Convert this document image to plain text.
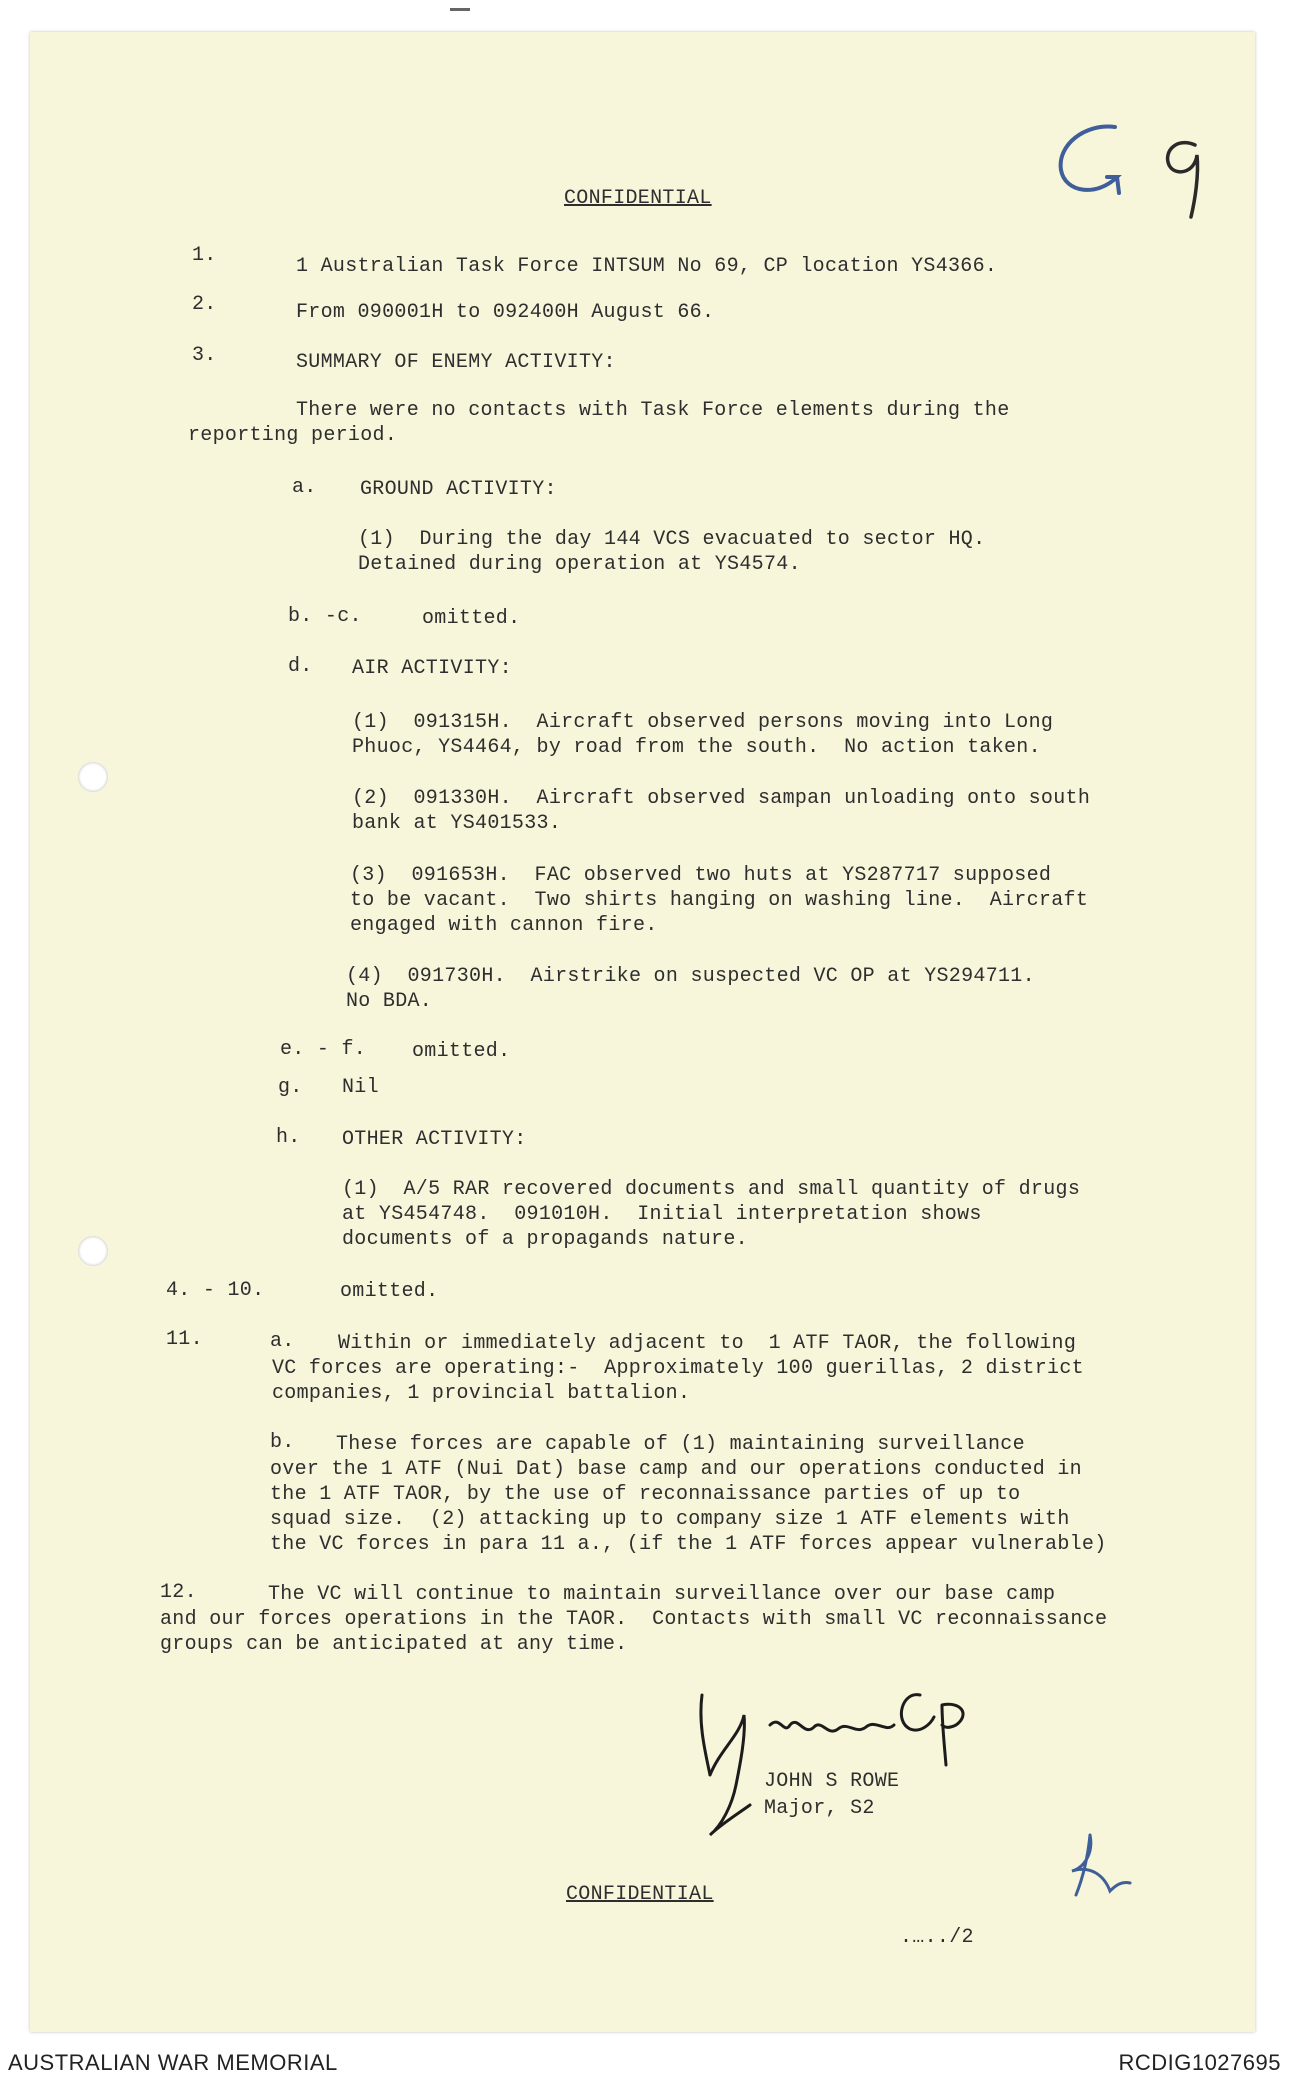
CONFIDENTIAL
1.	1 Australian Task Force INTSUM No 69, CP location YS4366.
2.	From 090001H to 092400H August 66.
3.	SUMMARY OF ENEMY ACTIVITY:
There were no contacts with Task Force elements during the
reporting period.
a. GROUND ACTIVITY:
(1)  During the day 144 VCS evacuated to sector HQ.
Detained during operation at YS4574.
b. -c.	omitted.
d. AIR ACTIVITY:
(1)  091315H.  Aircraft observed persons moving into Long
Phuoc, YS4464, by road from the south.  No action taken.
(2)  091330H.  Aircraft observed sampan unloading onto south
bank at YS401533.
(3)  091653H.  FAC observed two huts at YS287717 supposed
to be vacant.  Two shirts hanging on washing line.  Aircraft
engaged with cannon fire.
(4)  091730H.  Airstrike on suspected VC OP at YS294711.
No BDA.
e. - f. omitted.
g. Nil
h. OTHER ACTIVITY:
(1)  A/5 RAR recovered documents and small quantity of drugs
at YS454748.  091010H.  Initial interpretation shows
documents of a propagands nature.
4. - 10.	omitted.
11.	a. Within or immediately adjacent to  1 ATF TAOR, the following
VC forces are operating:-  Approximately 100 guerillas, 2 district
companies, 1 provincial battalion.
b. These forces are capable of (1) maintaining surveillance
over the 1 ATF (Nui Dat) base camp and our operations conducted in
the 1 ATF TAOR, by the use of reconnaissance parties of up to
squad size.  (2) attacking up to company size 1 ATF elements with
the VC forces in para 11 a., (if the 1 ATF forces appear vulnerable)
12.	The VC will continue to maintain surveillance over our base camp
and our forces operations in the TAOR.  Contacts with small VC reconnaissance
groups can be anticipated at any time.
JOHN S ROWE
Major, S2
CONFIDENTIAL
.…../2
AUSTRALIAN WAR MEMORIAL	RCDIG1027695
